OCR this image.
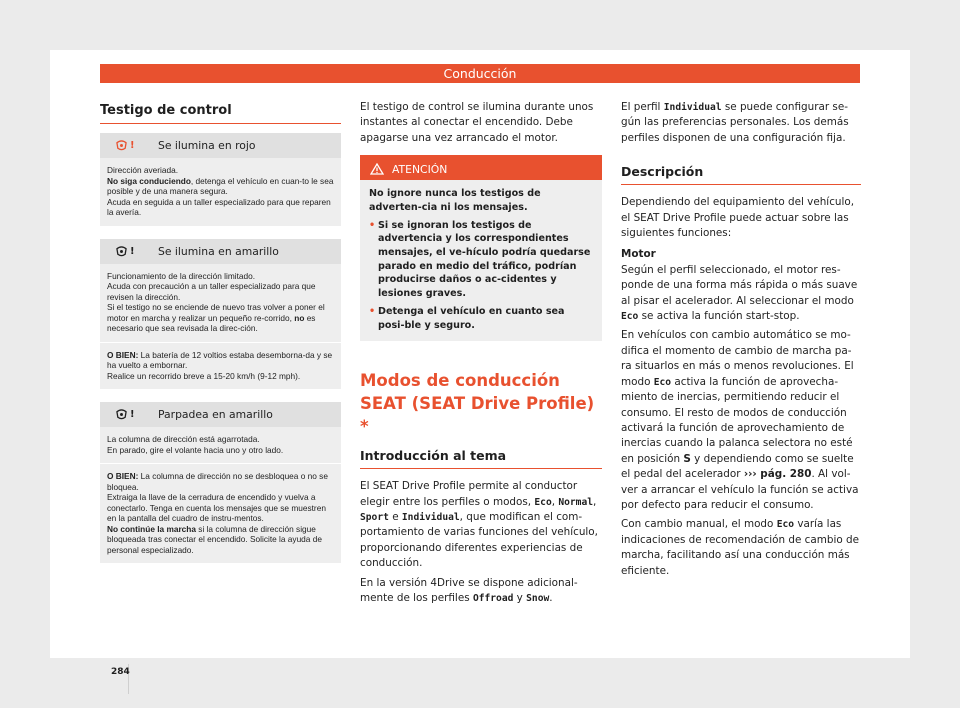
Conducción
Testigo de control
! Se ilumina en rojo

Dirección averiada.

No siga conduciendo, detenga el vehículo en cuan-to le sea posible y de una manera segura.

Acuda en seguida a un taller especializado para que reparen la avería.

! Se ilumina en amarillo

Funcionamiento de la dirección limitado.

Acuda con precaución a un taller especializado para que revisen la dirección.

Si el testigo no se enciende de nuevo tras volver a poner el motor en marcha y realizar un pequeño re-corrido, no es necesario que sea revisada la direc-ción.

O BIEN: La batería de 12 voltios estaba desemborna-da y se ha vuelto a embornar.

Realice un recorrido breve a 15-20 km/h (9-12 mph).

! Parpadea en amarillo

La columna de dirección está agarrotada.

En parado, gire el volante hacia uno y otro lado.

O BIEN: La columna de dirección no se desbloquea o no se bloquea.

Extraiga la llave de la cerradura de encendido y vuelva a conectarlo. Tenga en cuenta los mensajes que se muestren en la pantalla del cuadro de instru-mentos.

No continúe la marcha si la columna de dirección sigue bloqueada tras conectar el encendido. Solicite la ayuda de personal especializado.

El testigo de control se ilumina durante unos instantes al conectar el encendido. Debe apagarse una vez arrancado el motor.

ATENCIÓN
No ignore nunca los testigos de adverten-cia ni los mensajes.
• Si se ignoran los testigos de advertencia y los correspondientes mensajes, el ve-hículo podría quedarse parado en medio del tráfico, podrían producirse daños o ac-cidentes y lesiones graves.
• Detenga el vehículo en cuanto sea posi-ble y seguro.
Modos de conducción SEAT (SEAT Drive Profile) *
Introducción al tema

El SEAT Drive Profile permite al conductor elegir entre los perfiles o modos, Eco, Normal, Sport e Individual, que modifican el com-portamiento de varias funciones del vehículo, proporcionando diferentes experiencias de conducción.

En la versión 4Drive se dispone adicional-mente de los perfiles Offroad y Snow.

El perfil Individual se puede configurar se-gún las preferencias personales. Los demás perfiles disponen de una configuración fija.

Descripción

Dependiendo del equipamiento del vehículo, el SEAT Drive Profile puede actuar sobre las siguientes funciones:

Motor

Según el perfil seleccionado, el motor res-ponde de una forma más rápida o más suave al pisar el acelerador. Al seleccionar el modo Eco se activa la función start-stop.

En vehículos con cambio automático se mo-difica el momento de cambio de marcha pa-ra situarlos en más o menos revoluciones. El modo Eco activa la función de aprovecha-miento de inercias, permitiendo reducir el consumo. El resto de modos de conducción activará la función de aprovechamiento de inercias cuando la palanca selectora no esté en posición S y dependiendo como se suelte el pedal del acelerador ››› pág. 280. Al vol-ver a arrancar el vehículo la función se activa por defecto para reducir el consumo.

Con cambio manual, el modo Eco varía las indicaciones de recomendación de cambio de marcha, facilitando así una conducción más eficiente.

284
